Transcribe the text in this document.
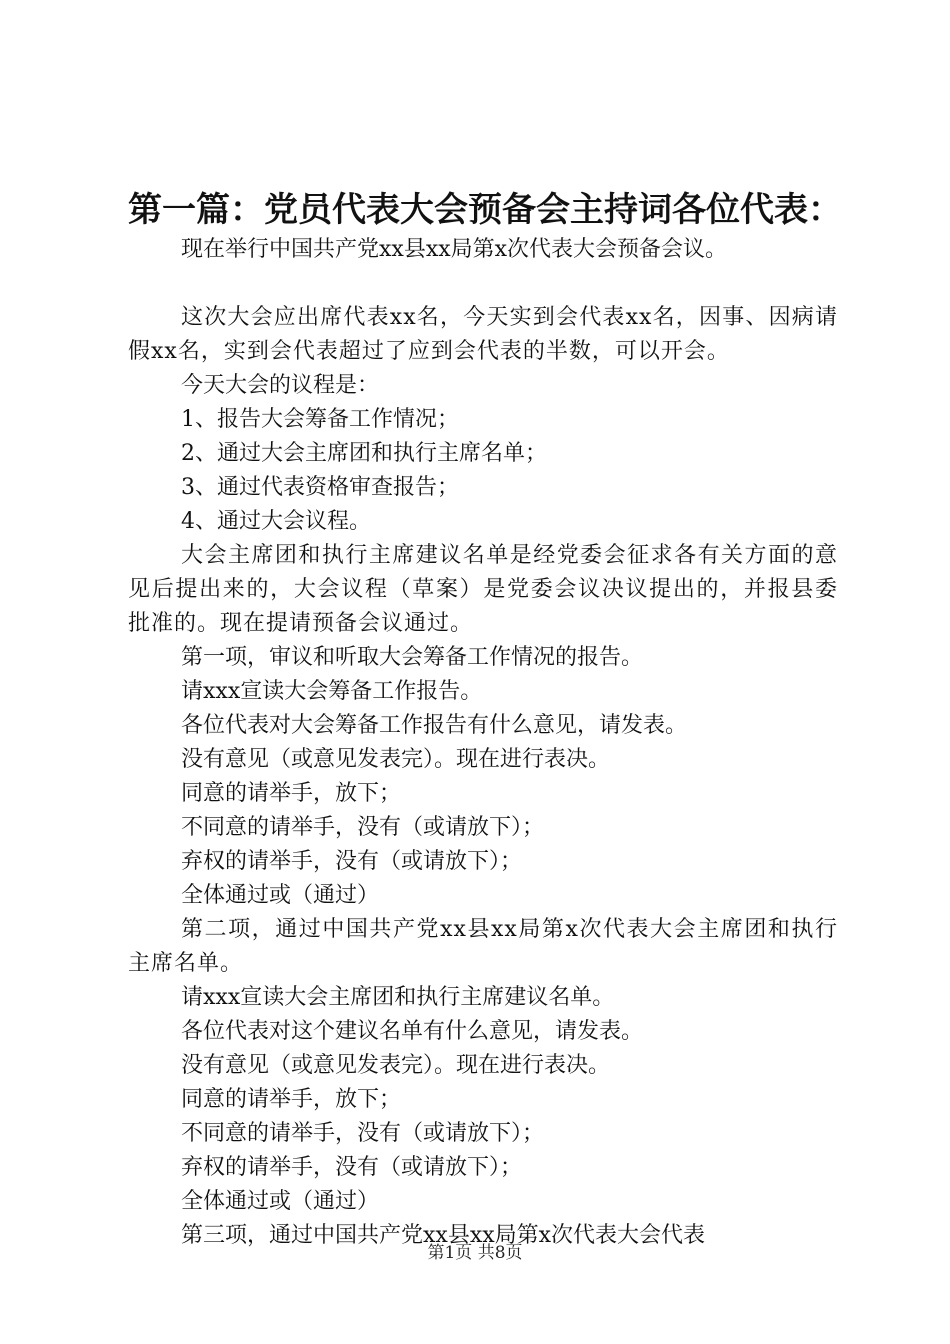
第一篇：党员代表大会预备会主持词各位代表：

现在举行中国共产党xx县xx局第x次代表大会预备会议。

这次大会应出席代表xx名，今天实到会代表xx名，因事、因病请假xx名，实到会代表超过了应到会代表的半数，可以开会。

今天大会的议程是：

1、报告大会筹备工作情况；

2、通过大会主席团和执行主席名单；

3、通过代表资格审查报告；

4、通过大会议程。

大会主席团和执行主席建议名单是经党委会征求各有关方面的意见后提出来的，大会议程（草案）是党委会议决议提出的，并报县委批准的。现在提请预备会议通过。

第一项，审议和听取大会筹备工作情况的报告。

请xxx宣读大会筹备工作报告。

各位代表对大会筹备工作报告有什么意见，请发表。

没有意见（或意见发表完）。现在进行表决。

同意的请举手，放下；

不同意的请举手，没有（或请放下）；

弃权的请举手，没有（或请放下）；

全体通过或（通过）

第二项，通过中国共产党xx县xx局第x次代表大会主席团和执行主席名单。

请xxx宣读大会主席团和执行主席建议名单。

各位代表对这个建议名单有什么意见，请发表。

没有意见（或意见发表完）。现在进行表决。

同意的请举手，放下；

不同意的请举手，没有（或请放下）；

弃权的请举手，没有（或请放下）；

全体通过或（通过）

第三项，通过中国共产党xx县xx局第x次代表大会代表

第1页 共8页
